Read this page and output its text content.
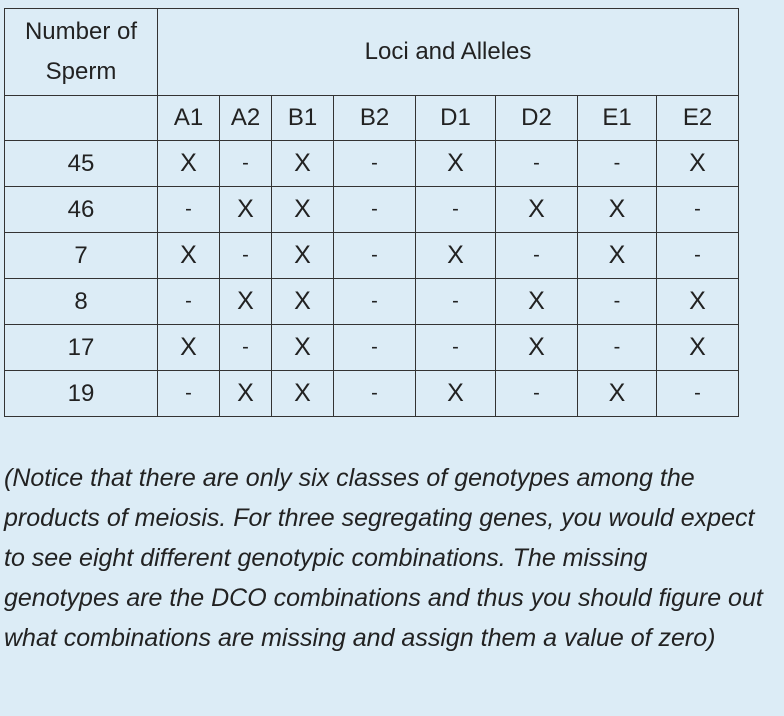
Number of Sperm	Loci and Alleles							
	A1	A2	B1	B2	D1	D2	E1	E2
45	X	-	X	-	X	-	-	X
46	-	X	X	-	-	X	X	-
7	X	-	X	-	X	-	X	-
8	-	X	X	-	-	X	-	X
17	X	-	X	-	-	X	-	X
19	-	X	X	-	X	-	X	-

(Notice that there are only six classes of genotypes among the products of meiosis. For three segregating genes, you would expect to see eight different genotypic combinations. The missing genotypes are the DCO combinations and thus you should figure out what combinations are missing and assign them a value of zero)
